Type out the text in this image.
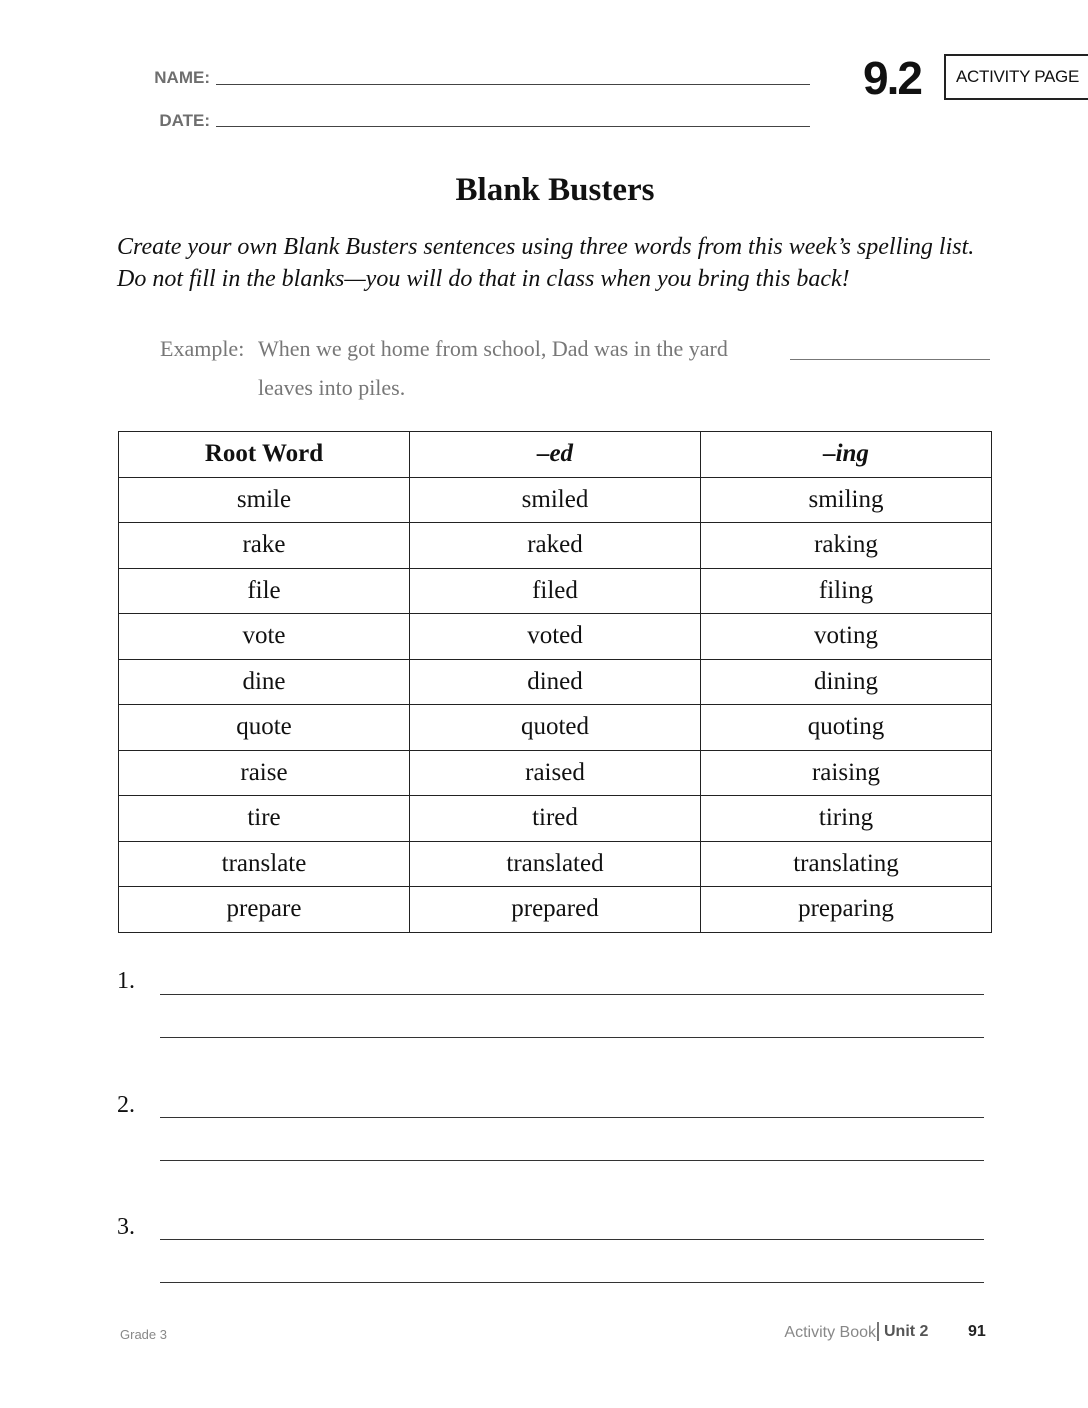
NAME:
DATE:
9.2	ACTIVITY PAGE
Blank Busters

Create your own Blank Busters sentences using three words from this week’s spelling list. Do not fill in the blanks—you will do that in class when you bring this back!

Example: When we got home from school, Dad was in the yard
leaves into piles.
Root Word	–ed	–ing
smile	smiled	smiling
rake	raked	raking
file	filed	filing
vote	voted	voting
dine	dined	dining
quote	quoted	quoting
raise	raised	raising
tire	tired	tiring
translate	translated	translating
prepare	prepared	preparing
1.
2.
3.
Grade 3	Activity Book Unit 2 91
